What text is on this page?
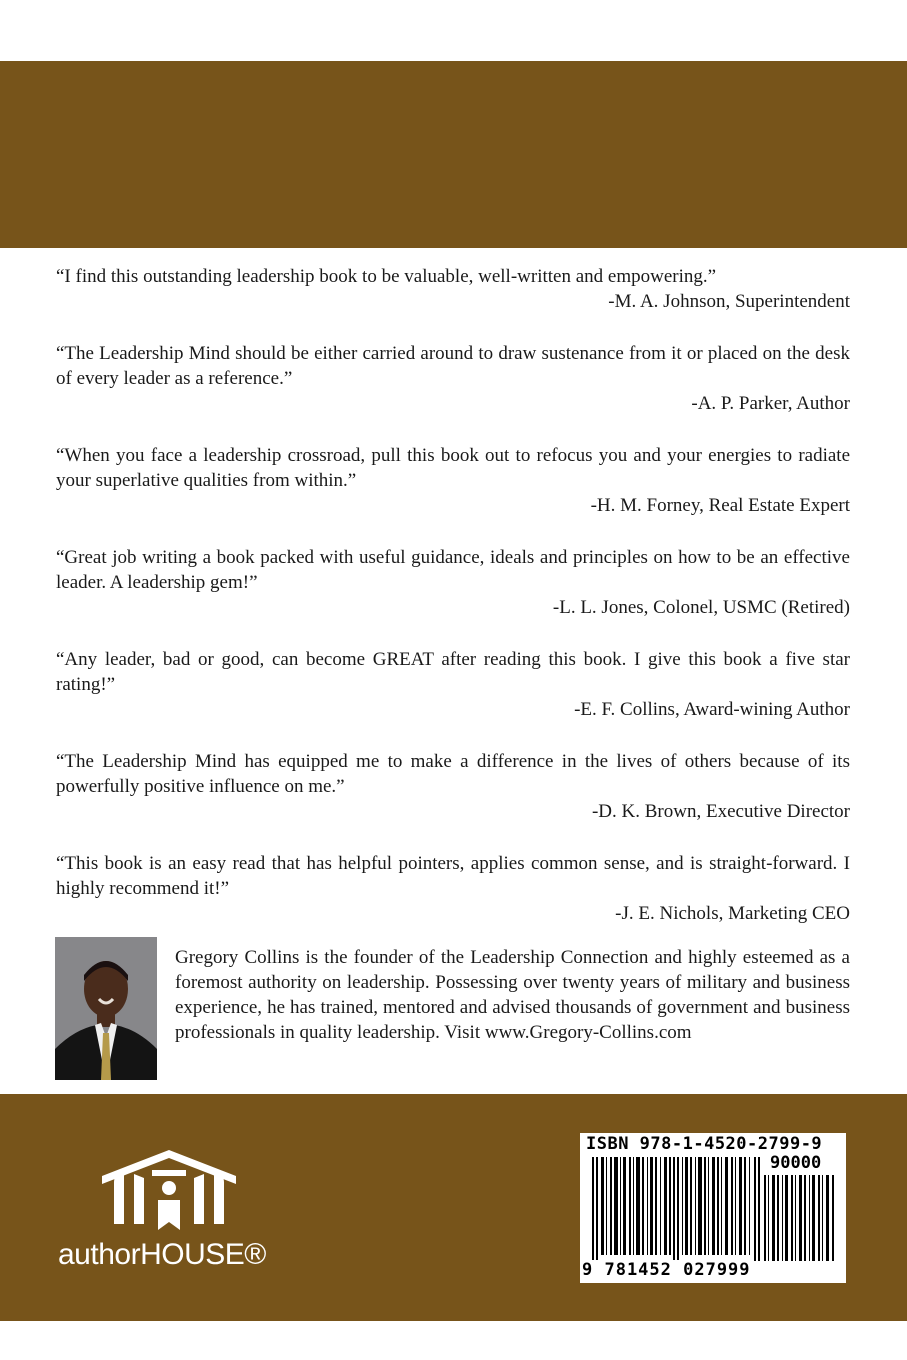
“I find this outstanding leadership book to be valuable, well-written and empowering.”

-M. A. Johnson, Superintendent

“The Leadership Mind should be either carried around to draw sustenance from it or placed on the desk of every leader as a reference.”

-A. P. Parker, Author

“When you face a leadership crossroad, pull this book out to refocus you and your energies to radiate your superlative qualities from within.”

-H. M. Forney, Real Estate Expert

“Great job writing a book packed with useful guidance, ideals and principles on how to be an effective leader. A leadership gem!”

-L. L. Jones, Colonel, USMC (Retired)

“Any leader, bad or good, can become GREAT after reading this book. I give this book a five star rating!”

-E. F. Collins, Award-wining Author

“The Leadership Mind has equipped me to make a difference in the lives of others because of its powerfully positive influence on me.”

-D. K. Brown, Executive Director

“This book is an easy read that has helpful pointers, applies common sense, and is straight-forward. I highly recommend it!”

-J. E. Nichols, Marketing CEO

Gregory Collins is the founder of the Leadership Connection and highly esteemed as a foremost authority on leadership. Possessing over twenty years of military and business experience, he has trained, mentored and advised thousands of government and business professionals in quality leadership. Visit www.Gregory-Collins.com

authorHOUSE®
ISBN 978-1-4520-2799-9
90000
9 781452 027999
